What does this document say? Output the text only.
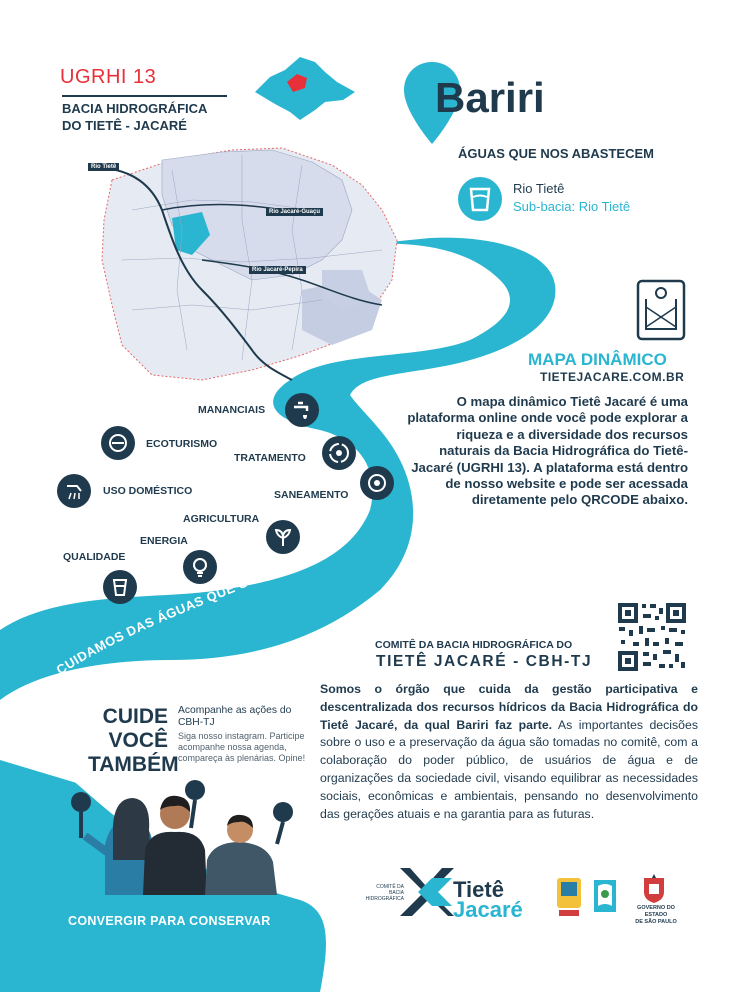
UGRHI 13
BACIA HIDROGRÁFICA
DO TIETÊ - JACARÉ
Rio Tietê
Rio Jacaré-Guaçu
Rio Jacaré-Pepira
Bariri
ÁGUAS QUE NOS ABASTECEM
Rio Tietê
Sub-bacia: Rio Tietê
MAPA DINÂMICO
TIETEJACARE.COM.BR
O mapa dinâmico Tietê Jacaré é uma plataforma online onde você pode explorar a riqueza e a diversidade dos recursos naturais da Bacia Hidrográfica do Tietê-Jacaré (UGRHI 13). A plataforma está dentro de nosso website e pode ser acessada diretamente pelo QRCODE abaixo.
MANANCIAIS
ECOTURISMO
TRATAMENTO
USO DOMÉSTICO	SANEAMENTO
AGRICULTURA
ENERGIA
QUALIDADE
CUIDAMOS DAS ÁGUAS QUE CORREM POR AQUI
COMITÊ DA BACIA HIDROGRÁFICA DO
TIETÊ JACARÉ - CBH-TJ
Somos o órgão que cuida da gestão participativa e descentralizada dos recursos hídricos da Bacia Hidrográfica do Tietê Jacaré, da qual Bariri faz parte. As importantes decisões sobre o uso e a preservação da água são tomadas no comitê, com a colaboração do poder público, de usuários de água e de organizações da sociedade civil, visando equilibrar as necessidades sociais, econômicas e ambientais, pensando no desenvolvimento das gerações atuais e na garantia para as futuras.
CUIDE
VOCÊ
TAMBÉM
Acompanhe as ações do CBH-TJ
Siga nosso instagram. Participe acompanhe nossa agenda, compareça às plenárias. Opine!
CONVERGIR PARA CONSERVAR
COMITÊ DA BACIA HIDROGRÁFICA Tietê
Jacaré	GOVERNO DO ESTADO
DE SÃO PAULO
